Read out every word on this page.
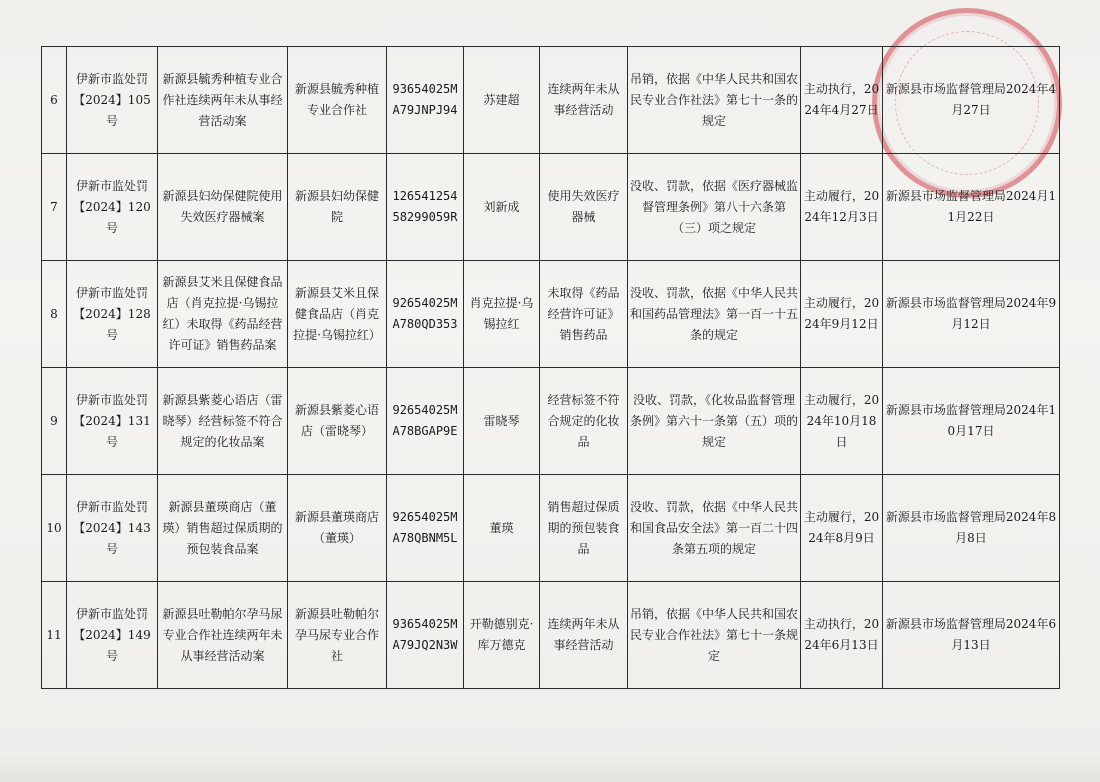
6	伊新市监处罚【2024】105号	新源县毓秀种植专业合作社连续两年未从事经营活动案	新源县毓秀种植专业合作社	93654025MA79JNPJ94	苏建超	连续两年未从事经营活动	吊销，依据《中华人民共和国农民专业合作社法》第七十一条的规定	主动执行，2024年4月27日	新源县市场监督管理局2024年4月27日
7	伊新市监处罚【2024】120号	新源县妇幼保健院使用失效医疗器械案	新源县妇幼保健院	12654125458299059R	刘新成	使用失效医疗器械	没收、罚款，依据《医疗器械监督管理条例》第八十六条第（三）项之规定	主动履行，2024年12月3日	新源县市场监督管理局2024月11月22日
8	伊新市监处罚【2024】128号	新源县艾米且保健食品店（肖克拉提·乌锡拉红）未取得《药品经营许可证》销售药品案	新源县艾米且保健食品店（肖克拉提·乌锡拉红）	92654025MA780QD353	肖克拉提·乌锡拉红	未取得《药品经营许可证》销售药品	没收、罚款，依据《中华人民共和国药品管理法》第一百一十五条的规定	主动履行，2024年9月12日	新源县市场监督管理局2024年9月12日
9	伊新市监处罚【2024】131号	新源县紫菱心语店（雷晓琴）经营标签不符合规定的化妆品案	新源县紫菱心语店（雷晓琴）	92654025MA78BGAP9E	雷晓琴	经营标签不符合规定的化妆品	没收、罚款，《化妆品监督管理条例》第六十一条第（五）项的规定	主动履行，2024年10月18日	新源县市场监督管理局2024年10月17日
10	伊新市监处罚【2024】143号	新源县董瑛商店（董瑛）销售超过保质期的预包装食品案	新源县董瑛商店（董瑛）	92654025MA78QBNM5L	董瑛	销售超过保质期的预包装食品	没收、罚款，依据《中华人民共和国食品安全法》第一百二十四条第五项的规定	主动履行，2024年8月9日	新源县市场监督管理局2024年8月8日
11	伊新市监处罚【2024】149号	新源县吐勒帕尔孕马尿专业合作社连续两年未从事经营活动案	新源县吐勒帕尔孕马尿专业合作社	93654025MA79JQ2N3W	开勒德别克·库万德克	连续两年未从事经营活动	吊销，依据《中华人民共和国农民专业合作社法》第七十一条规定	主动执行，2024年6月13日	新源县市场监督管理局2024年6月13日
